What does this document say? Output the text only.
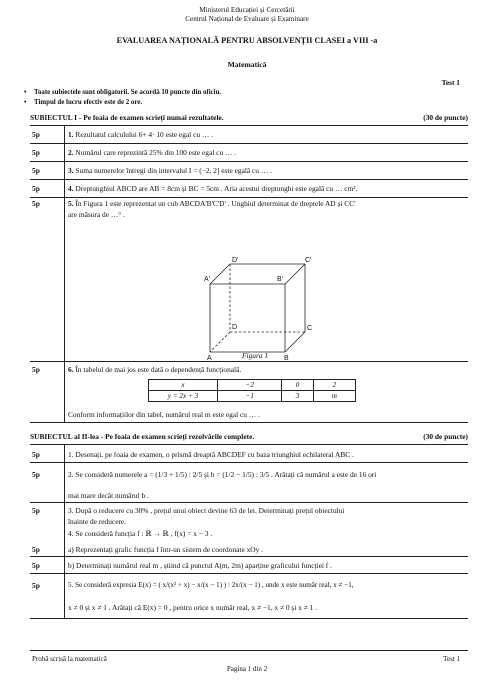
Ministerul Educației și Cercetării
Centrul Național de Evaluare și Examinare
EVALUAREA NAȚIONALĂ PENTRU ABSOLVENȚII CLASEI a VIII -a
Matematică
Test 1
• Toate subiectele sunt obligatorii. Se acordă 10 puncte din oficiu.
• Timpul de lucru efectiv este de 2 ore.
SUBIECTUL I - Pe foaia de examen scrieți numai rezultatele.	(30 de puncte)
5p	1. Rezultatul calculului 6+ 4· 10 este egal cu … .
5p	2. Numărul care reprezintă 25% din 100 este egal cu … .
5p	3. Suma numerelor întregi din intervalul I = (−2, 2] este egală cu … .
5p	4. Dreptunghiul ABCD are AB = 8cm și BC = 5cm . Aria acestui dreptunghi este egală cu … cm².
5p	5. În Figura 1 este reprezentat un cub ABCDA'B'C'D' . Unghiul determinat de dreptele AD și CC'
are măsura de …° .
D'	C'
A'	B'
D	C
A	B
Figura 1
5p	6. În tabelul de mai jos este dată o dependență funcțională.
x	−2	0	2
y = 2x + 3	−1	3	m
Conform informațiilor din tabel, numărul real m este egal cu … .
SUBIECTUL al II-lea - Pe foaia de examen scrieți rezolvările complete.	(30 de puncte)
5p	1. Desenați, pe foaia de examen, o prismă dreaptă ABCDEF cu baza triunghiul echilateral ABC .
5p	2. Se consideră numerele a = (1/3 + 1/5) : 2/5 și b = (1/2 − 1/5) : 3/5 . Arătați că numărul a este de 16 ori
mai mare decât numărul b .
5p	3. După o reducere cu 30% , prețul unui obiect devine 63 de lei. Determinați prețul obiectului
înainte de reducere.
4. Se consideră funcția f : ℝ → ℝ , f(x) = x − 3 .
5p	a) Reprezentați grafic funcția f într-un sistem de coordonate xOy .
5p	b) Determinați numărul real m , știind că punctul A(m, 2m) aparține graficului funcției f .
5p	5. Se consideră expresia E(x) = ( x/(x² + x) − x/(x − 1) ) : 2x/(x − 1) , unde x este număr real, x ≠ −1,
x ≠ 0 și x ≠ 1 . Arătați că E(x) = 0 , pentru orice x număr real, x ≠ −1, x ≠ 0 și x ≠ 1 .
Probă scrisă la matematică	Test 1
Pagina 1 din 2
